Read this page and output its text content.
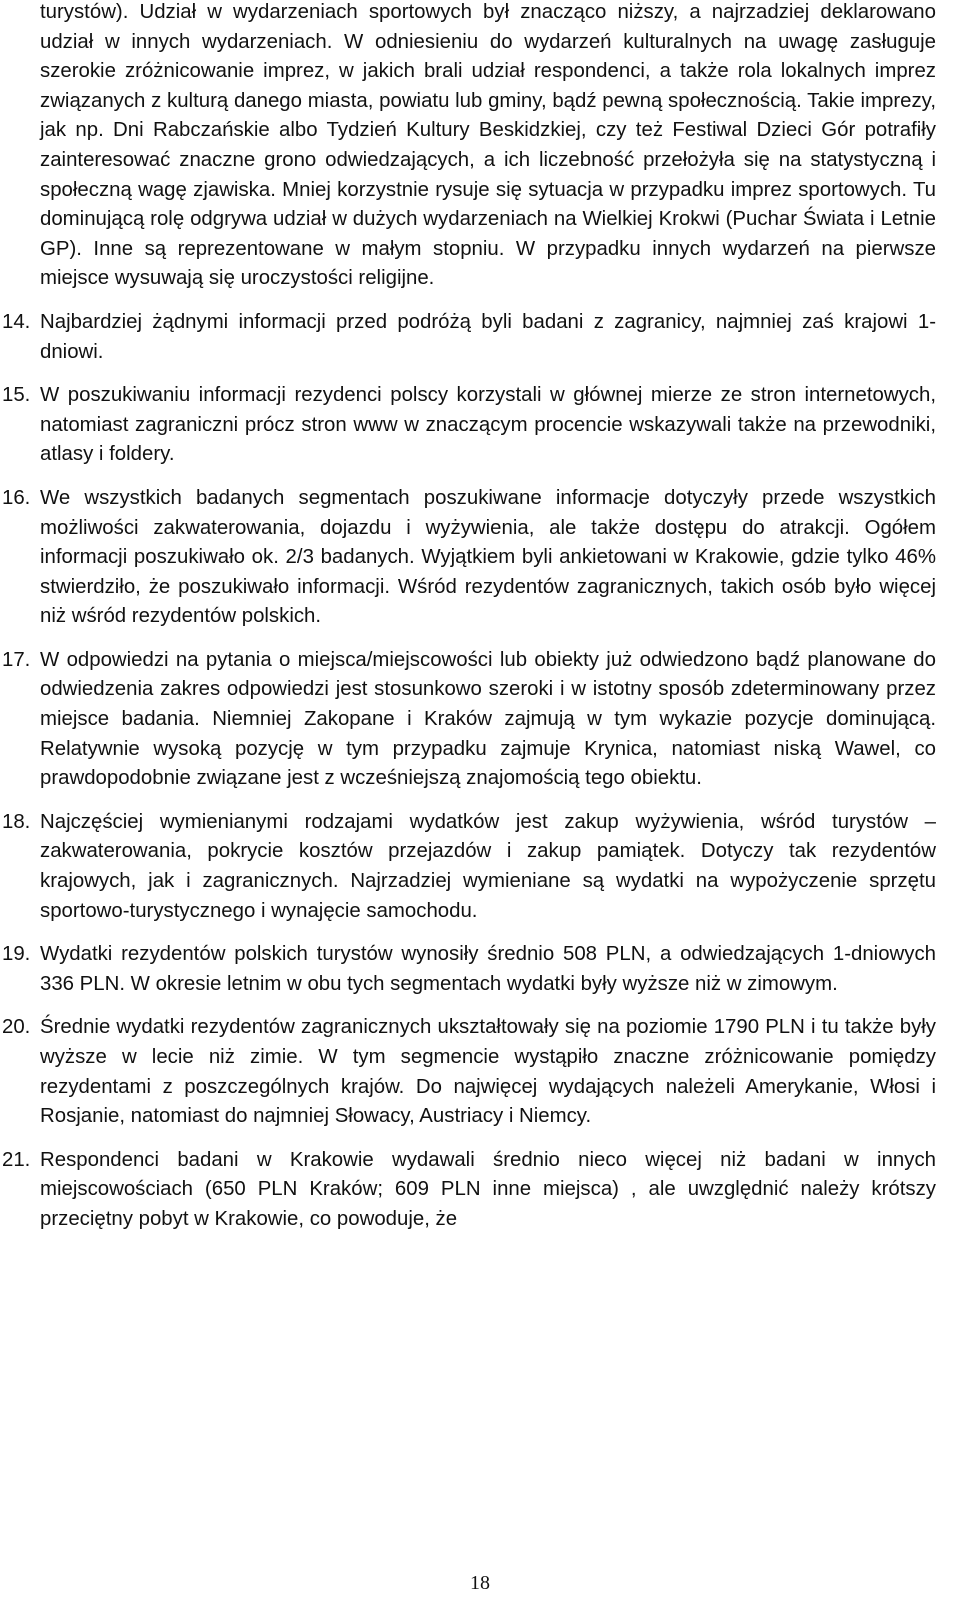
turystów). Udział w wydarzeniach sportowych był znacząco niższy, a najrzadziej deklarowano udział w innych wydarzeniach. W odniesieniu do wydarzeń kulturalnych na uwagę zasługuje szerokie zróżnicowanie imprez, w jakich brali udział respondenci, a także rola lokalnych imprez związanych z kulturą danego miasta, powiatu lub gminy, bądź pewną społecznością. Takie imprezy, jak np. Dni Rabczańskie albo Tydzień Kultury Beskidzkiej, czy też Festiwal Dzieci Gór potrafiły zainteresować znaczne grono odwiedzających, a ich liczebność przełożyła się na statystyczną i społeczną wagę zjawiska. Mniej korzystnie rysuje się sytuacja w przypadku imprez sportowych. Tu dominującą rolę odgrywa udział w dużych wydarzeniach na Wielkiej Krokwi (Puchar Świata i Letnie GP). Inne są reprezentowane w małym stopniu. W przypadku innych wydarzeń na pierwsze miejsce wysuwają się uroczystości religijne.

14. Najbardziej żądnymi informacji przed podróżą byli badani z zagranicy, najmniej zaś krajowi 1-dniowi.
15. W poszukiwaniu informacji rezydenci polscy korzystali w głównej mierze ze stron internetowych, natomiast zagraniczni prócz stron www w znaczącym procencie wskazywali także na przewodniki, atlasy i foldery.
16. We wszystkich badanych segmentach poszukiwane informacje dotyczyły przede wszystkich możliwości zakwaterowania, dojazdu i wyżywienia, ale także dostępu do atrakcji. Ogółem informacji poszukiwało ok. 2/3 badanych. Wyjątkiem byli ankietowani w Krakowie, gdzie tylko 46% stwierdziło, że poszukiwało informacji. Wśród rezydentów zagranicznych, takich osób było więcej niż wśród rezydentów polskich.
17. W odpowiedzi na pytania o miejsca/miejscowości lub obiekty już odwiedzono bądź planowane do odwiedzenia zakres odpowiedzi jest stosunkowo szeroki i w istotny sposób zdeterminowany przez miejsce badania. Niemniej Zakopane i Kraków zajmują w tym wykazie pozycje dominującą. Relatywnie wysoką pozycję w tym przypadku zajmuje Krynica, natomiast niską Wawel, co prawdopodobnie związane jest z wcześniejszą znajomością tego obiektu.
18. Najczęściej wymienianymi rodzajami wydatków jest zakup wyżywienia, wśród turystów – zakwaterowania, pokrycie kosztów przejazdów i zakup pamiątek. Dotyczy tak rezydentów krajowych, jak i zagranicznych. Najrzadziej wymieniane są wydatki na wypożyczenie sprzętu sportowo-turystycznego i wynajęcie samochodu.
19. Wydatki rezydentów polskich turystów wynosiły średnio 508 PLN, a odwiedzających 1-dniowych 336 PLN. W okresie letnim w obu tych segmentach wydatki były wyższe niż w zimowym.
20. Średnie wydatki rezydentów zagranicznych ukształtowały się na poziomie 1790 PLN i tu także były wyższe w lecie niż zimie. W tym segmencie wystąpiło znaczne zróżnicowanie pomiędzy rezydentami z poszczególnych krajów. Do najwięcej wydających należeli Amerykanie, Włosi i Rosjanie, natomiast do najmniej Słowacy, Austriacy i Niemcy.
21. Respondenci badani w Krakowie wydawali średnio nieco więcej niż badani w innych miejscowościach (650 PLN Kraków; 609 PLN inne miejsca) , ale uwzględnić należy krótszy przeciętny pobyt w Krakowie, co powoduje, że
18
